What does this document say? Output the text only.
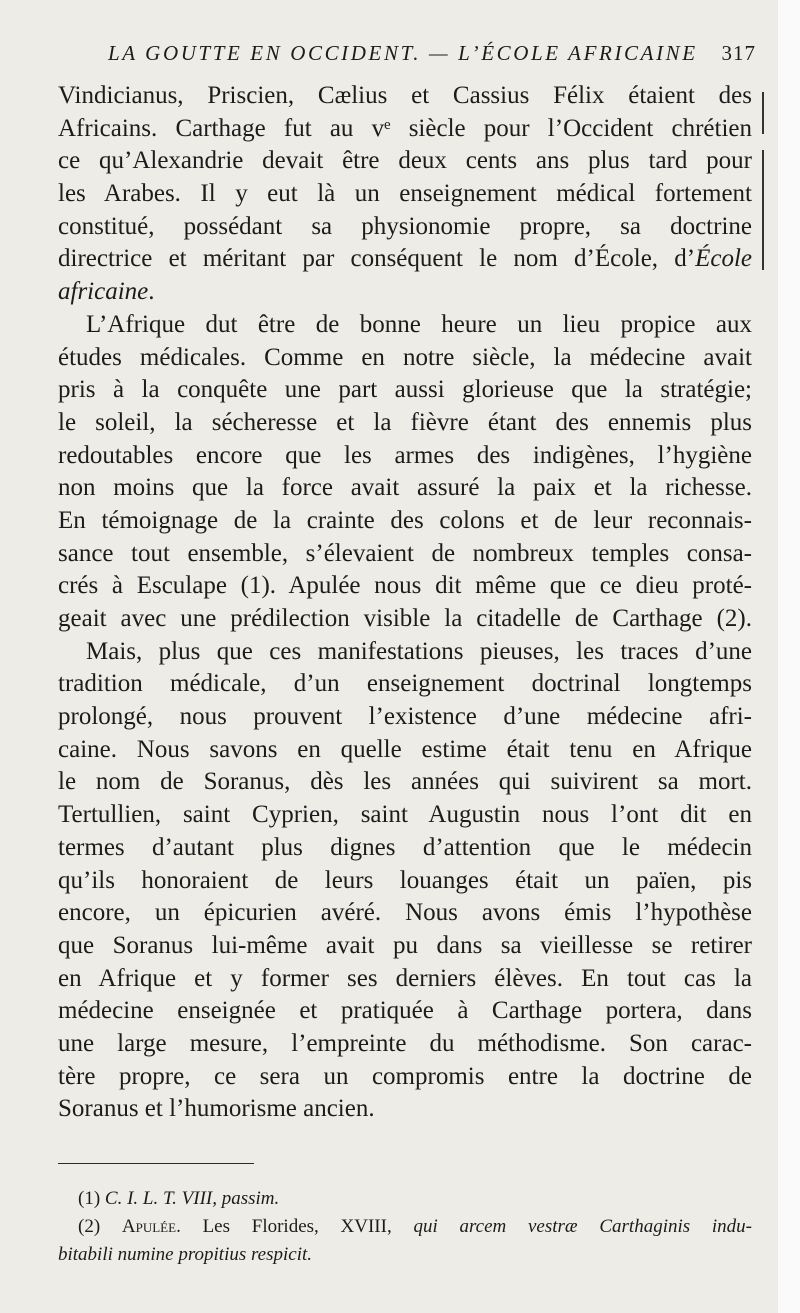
LA GOUTTE EN OCCIDENT. — L’ÉCOLE AFRICAINE 317
Vindicianus, Priscien, Cælius et Cassius Félix étaient des
Africains. Carthage fut au vᵉ siècle pour l’Occident chrétien
ce qu’Alexandrie devait être deux cents ans plus tard pour
les Arabes. Il y eut là un enseignement médical fortement
constitué, possédant sa physionomie propre, sa doctrine
directrice et méritant par conséquent le nom d’École, d’École
africaine.
L’Afrique dut être de bonne heure un lieu propice aux
études médicales. Comme en notre siècle, la médecine avait
pris à la conquête une part aussi glorieuse que la stratégie;
le soleil, la sécheresse et la fièvre étant des ennemis plus
redoutables encore que les armes des indigènes, l’hygiène
non moins que la force avait assuré la paix et la richesse.
En témoignage de la crainte des colons et de leur reconnais-
sance tout ensemble, s’élevaient de nombreux temples consa-
crés à Esculape (1). Apulée nous dit même que ce dieu proté-
geait avec une prédilection visible la citadelle de Carthage (2).
Mais, plus que ces manifestations pieuses, les traces d’une
tradition médicale, d’un enseignement doctrinal longtemps
prolongé, nous prouvent l’existence d’une médecine afri-
caine. Nous savons en quelle estime était tenu en Afrique
le nom de Soranus, dès les années qui suivirent sa mort.
Tertullien, saint Cyprien, saint Augustin nous l’ont dit en
termes d’autant plus dignes d’attention que le médecin
qu’ils honoraient de leurs louanges était un païen, pis
encore, un épicurien avéré. Nous avons émis l’hypothèse
que Soranus lui-même avait pu dans sa vieillesse se retirer
en Afrique et y former ses derniers élèves. En tout cas la
médecine enseignée et pratiquée à Carthage portera, dans
une large mesure, l’empreinte du méthodisme. Son carac-
tère propre, ce sera un compromis entre la doctrine de
Soranus et l’humorisme ancien.
(1) C. I. L. T. VIII, passim.
(2) Apulée. Les Florides, XVIII, qui arcem vestræ Carthaginis indu-
bitabili numine propitius respicit.
